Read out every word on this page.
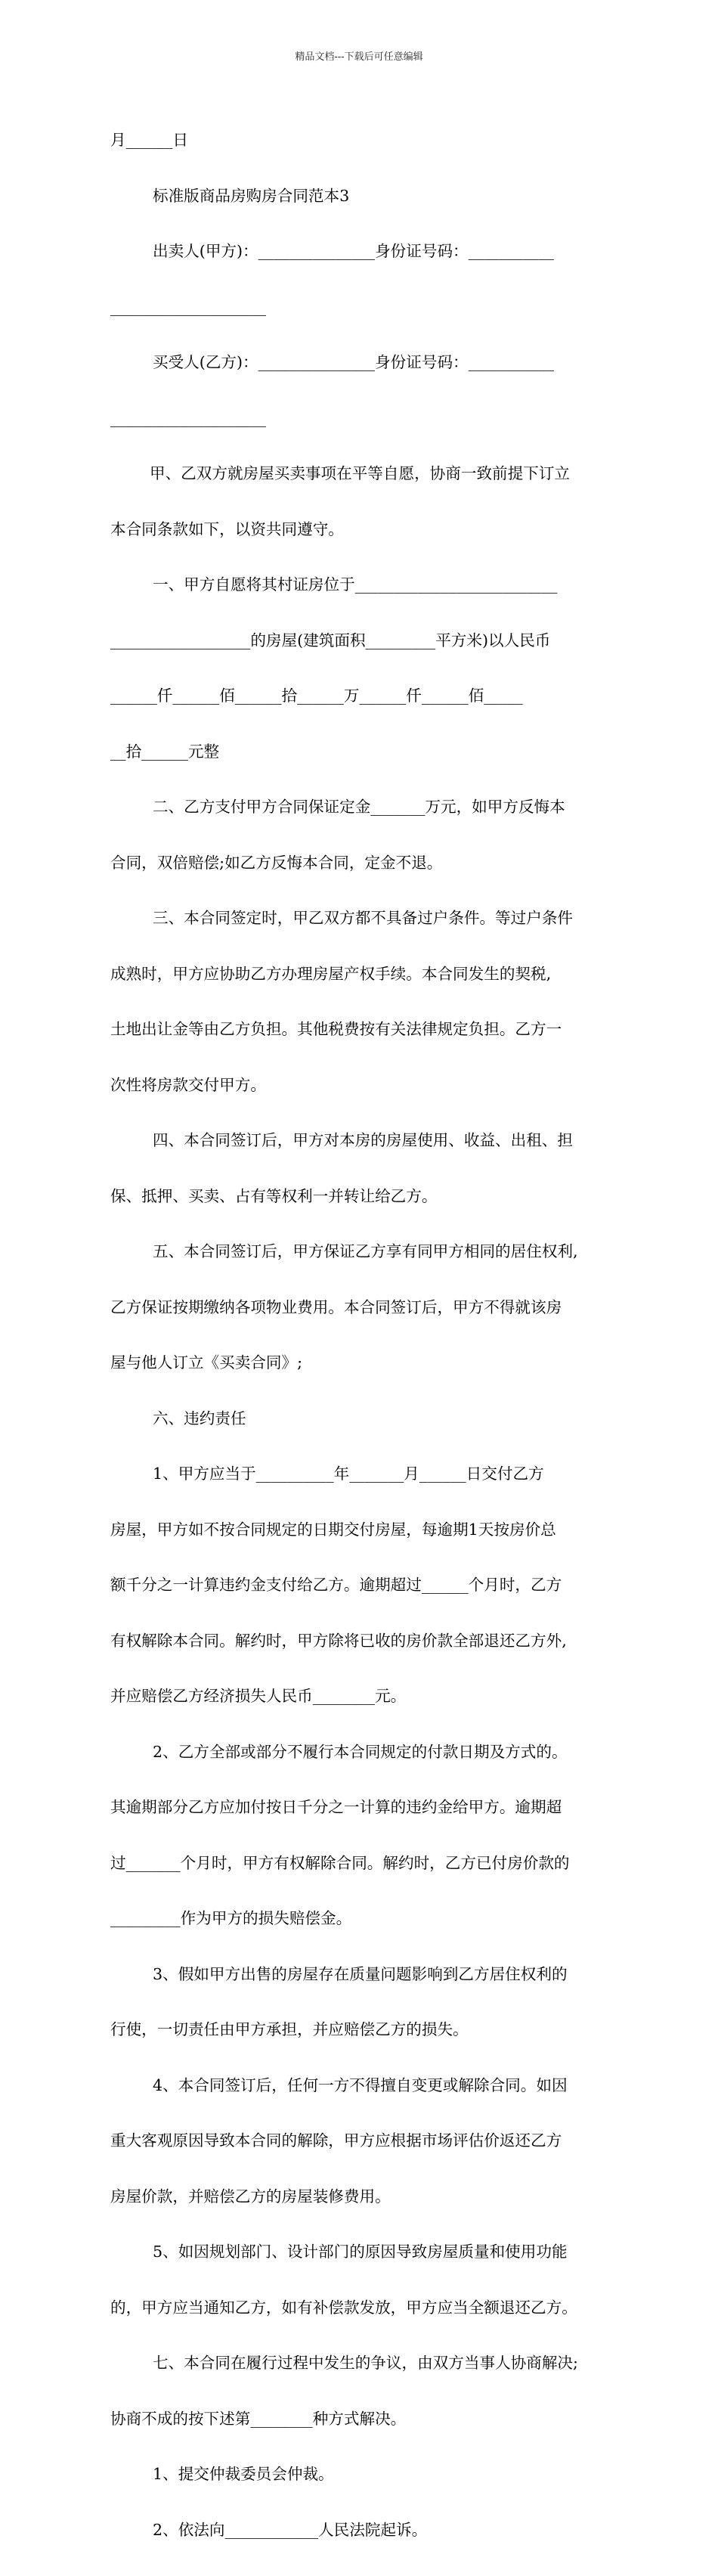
精品文档---下载后可任意编辑

月______日

标准版商品房购房合同范本3

出卖人(甲方)：_______________身份证号码：___________

____________________

买受人(乙方)：_______________身份证号码：___________

____________________

甲、乙双方就房屋买卖事项在平等自愿，协商一致前提下订立

本合同条款如下，以资共同遵守。

一、甲方自愿将其村证房位于__________________________

__________________的房屋(建筑面积_________平方米)以人民币

______仟______佰______拾______万______仟______佰_____

__拾______元整

二、乙方支付甲方合同保证定金_______万元，如甲方反悔本

合同，双倍赔偿;如乙方反悔本合同，定金不退。

三、本合同签定时，甲乙双方都不具备过户条件。等过户条件

成熟时，甲方应协助乙方办理房屋产权手续。本合同发生的契税,

土地出让金等由乙方负担。其他税费按有关法律规定负担。乙方一

次性将房款交付甲方。

四、本合同签订后，甲方对本房的房屋使用、收益、出租、担

保、抵押、买卖、占有等权利一并转让给乙方。

五、本合同签订后，甲方保证乙方享有同甲方相同的居住权利,

乙方保证按期缴纳各项物业费用。本合同签订后，甲方不得就该房

屋与他人订立《买卖合同》;

六、违约责任

1、甲方应当于__________年_______月______日交付乙方

房屋，甲方如不按合同规定的日期交付房屋，每逾期1天按房价总

额千分之一计算违约金支付给乙方。逾期超过______个月时，乙方

有权解除本合同。解约时，甲方除将已收的房价款全部退还乙方外,

并应赔偿乙方经济损失人民币________元。

2、乙方全部或部分不履行本合同规定的付款日期及方式的。

其逾期部分乙方应加付按日千分之一计算的违约金给甲方。逾期超

过_______个月时，甲方有权解除合同。解约时，乙方已付房价款的

_________作为甲方的损失赔偿金。

3、假如甲方出售的房屋存在质量问题影响到乙方居住权利的

行使，一切责任由甲方承担，并应赔偿乙方的损失。

4、本合同签订后，任何一方不得擅自变更或解除合同。如因

重大客观原因导致本合同的解除，甲方应根据市场评估价返还乙方

房屋价款，并赔偿乙方的房屋装修费用。

5、如因规划部门、设计部门的原因导致房屋质量和使用功能

的，甲方应当通知乙方，如有补偿款发放，甲方应当全额退还乙方。

七、本合同在履行过程中发生的争议，由双方当事人协商解决;

协商不成的按下述第________种方式解决。

1、提交仲裁委员会仲裁。

2、依法向____________人民法院起诉。
